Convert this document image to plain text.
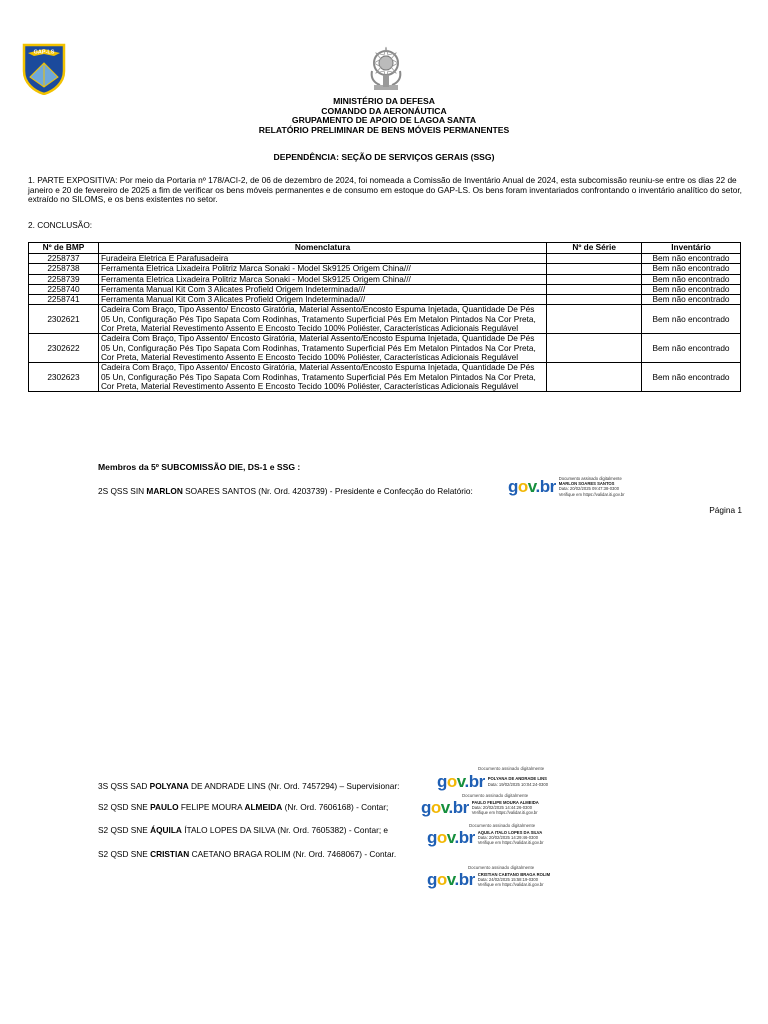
GAP-LS
MINISTÉRIO DA DEFESA
COMANDO DA AERONÁUTICA
GRUPAMENTO DE APOIO DE LAGOA SANTA
RELATÓRIO PRELIMINAR DE BENS MÓVEIS PERMANENTES
DEPENDÊNCIA: SEÇÃO DE SERVIÇOS GERAIS (SSG)
1. PARTE EXPOSITIVA: Por meio da Portaria nº 178/ACI-2, de 06 de dezembro de 2024, foi nomeada a Comissão de Inventário Anual de 2024, esta subcomissão reuniu-se entre os dias 22 de janeiro e 20 de fevereiro de 2025 a fim de verificar os bens móveis permanentes e de consumo em estoque do GAP-LS. Os bens foram inventariados confrontando o inventário analítico do setor, extraído no SILOMS, e os bens existentes no setor.
2. CONCLUSÃO:
Nº de BMP	Nomenclatura	Nº de Série	Inventário
2258737	Furadeira Eletrica E Parafusadeira		Bem não encontrado
2258738	Ferramenta Eletrica Lixadeira Politriz Marca Sonaki - Model Sk9125 Origem China///		Bem não encontrado
2258739	Ferramenta Eletrica Lixadeira Politriz Marca Sonaki - Model Sk9125 Origem China///		Bem não encontrado
2258740	Ferramenta Manual Kit Com 3 Alicates Profield Origem Indeterminada///		Bem não encontrado
2258741	Ferramenta Manual Kit Com 3 Alicates Profield Origem Indeterminada///		Bem não encontrado
2302621	Cadeira Com Braço, Tipo Assento/ Encosto Giratória, Material Assento/Encosto Espuma Injetada, Quantidade De Pés 05 Un, Configuração Pés Tipo Sapata Com Rodinhas, Tratamento Superficial Pés Em Metalon Pintados Na Cor Preta, Cor Preta, Material Revestimento Assento E Encosto Tecido 100% Poliéster, Características Adicionais Regulável		Bem não encontrado
2302622	Cadeira Com Braço, Tipo Assento/ Encosto Giratória, Material Assento/Encosto Espuma Injetada, Quantidade De Pés 05 Un, Configuração Pés Tipo Sapata Com Rodinhas, Tratamento Superficial Pés Em Metalon Pintados Na Cor Preta, Cor Preta, Material Revestimento Assento E Encosto Tecido 100% Poliéster, Características Adicionais Regulável		Bem não encontrado
2302623	Cadeira Com Braço, Tipo Assento/ Encosto Giratória, Material Assento/Encosto Espuma Injetada, Quantidade De Pés 05 Un, Configuração Pés Tipo Sapata Com Rodinhas, Tratamento Superficial Pés Em Metalon Pintados Na Cor Preta, Cor Preta, Material Revestimento Assento E Encosto Tecido 100% Poliéster, Características Adicionais Regulável		Bem não encontrado
Membros da 5º SUBCOMISSÃO DIE, DS-1 e SSG :
2S QSS SIN MARLON SOARES SANTOS (Nr. Ord. 4203739) - Presidente e Confecção do Relatório: gov.br Documento assinado digitalmente
MARLON SOARES SANTOS
Data: 20/02/2025 09:47:38-0300
Verifique em https://validar.iti.gov.br
Página 1
Documento assinado digitalmente
3S QSS SAD POLYANA DE ANDRADE LINS (Nr. Ord. 7457294) – Supervisionar: gov.br POLYANA DE ANDRADE LINS
Data: 19/02/2025 10:04:24-0300
Documento assinado digitalmente
S2 QSD SNE PAULO FELIPE MOURA ALMEIDA (Nr. Ord. 7606168) - Contar; gov.br PAULO FELIPE MOURA ALMEIDA
Data: 20/02/2025 14:44:26-0300
Verifique em https://validar.iti.gov.br
Documento assinado digitalmente
S2 QSD SNE ÁQUILA ÍTALO LOPES DA SILVA (Nr. Ord. 7605382) - Contar; e gov.br AQUILA ITALO LOPES DA SILVA
Data: 20/02/2025 14:29:46-0300
Verifique em https://validar.iti.gov.br
S2 QSD SNE CRISTIAN CAETANO BRAGA ROLIM (Nr. Ord. 7468067) - Contar.
Documento assinado digitalmente
gov.br CRISTIAN CAETANO BRAGA ROLIM
Data: 24/02/2025 15:58:19-0300
Verifique em https://validar.iti.gov.br
